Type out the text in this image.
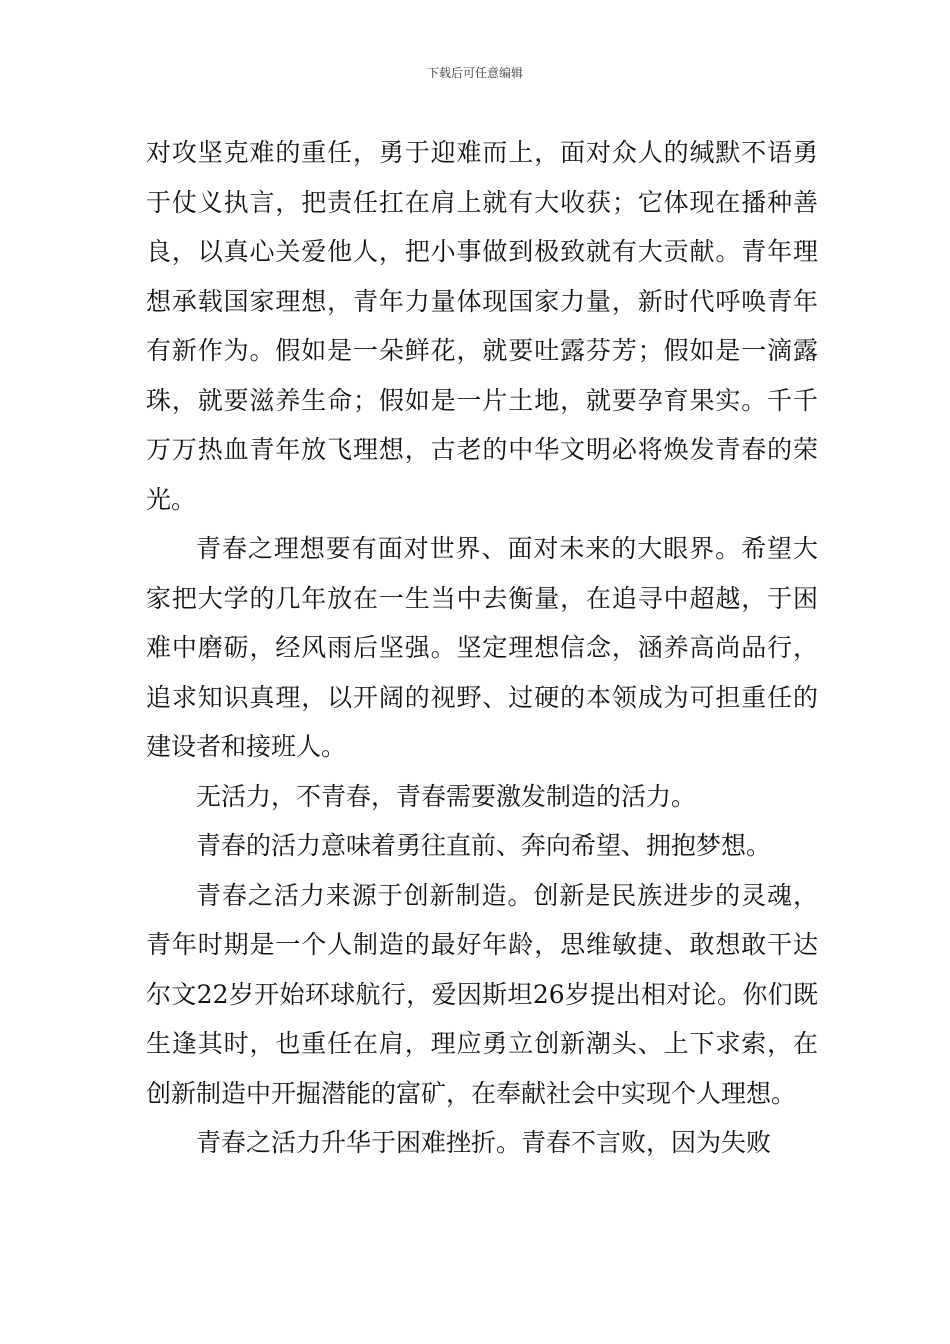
下载后可任意编辑

对攻坚克难的重任，勇于迎难而上，面对众人的缄默不语勇于仗义执言，把责任扛在肩上就有大收获；它体现在播种善良，以真心关爱他人，把小事做到极致就有大贡献。青年理想承载国家理想，青年力量体现国家力量，新时代呼唤青年有新作为。假如是一朵鲜花，就要吐露芬芳；假如是一滴露珠，就要滋养生命；假如是一片土地，就要孕育果实。千千万万热血青年放飞理想，古老的中华文明必将焕发青春的荣光。

青春之理想要有面对世界、面对未来的大眼界。希望大家把大学的几年放在一生当中去衡量，在追寻中超越，于困难中磨砺，经风雨后坚强。坚定理想信念，涵养高尚品行，追求知识真理，以开阔的视野、过硬的本领成为可担重任的建设者和接班人。

无活力，不青春，青春需要激发制造的活力。

青春的活力意味着勇往直前、奔向希望、拥抱梦想。

青春之活力来源于创新制造。创新是民族进步的灵魂，青年时期是一个人制造的最好年龄，思维敏捷、敢想敢干达尔文22岁开始环球航行，爱因斯坦26岁提出相对论。你们既生逢其时，也重任在肩，理应勇立创新潮头、上下求索，在创新制造中开掘潜能的富矿，在奉献社会中实现个人理想。

青春之活力升华于困难挫折。青春不言败，因为失败
